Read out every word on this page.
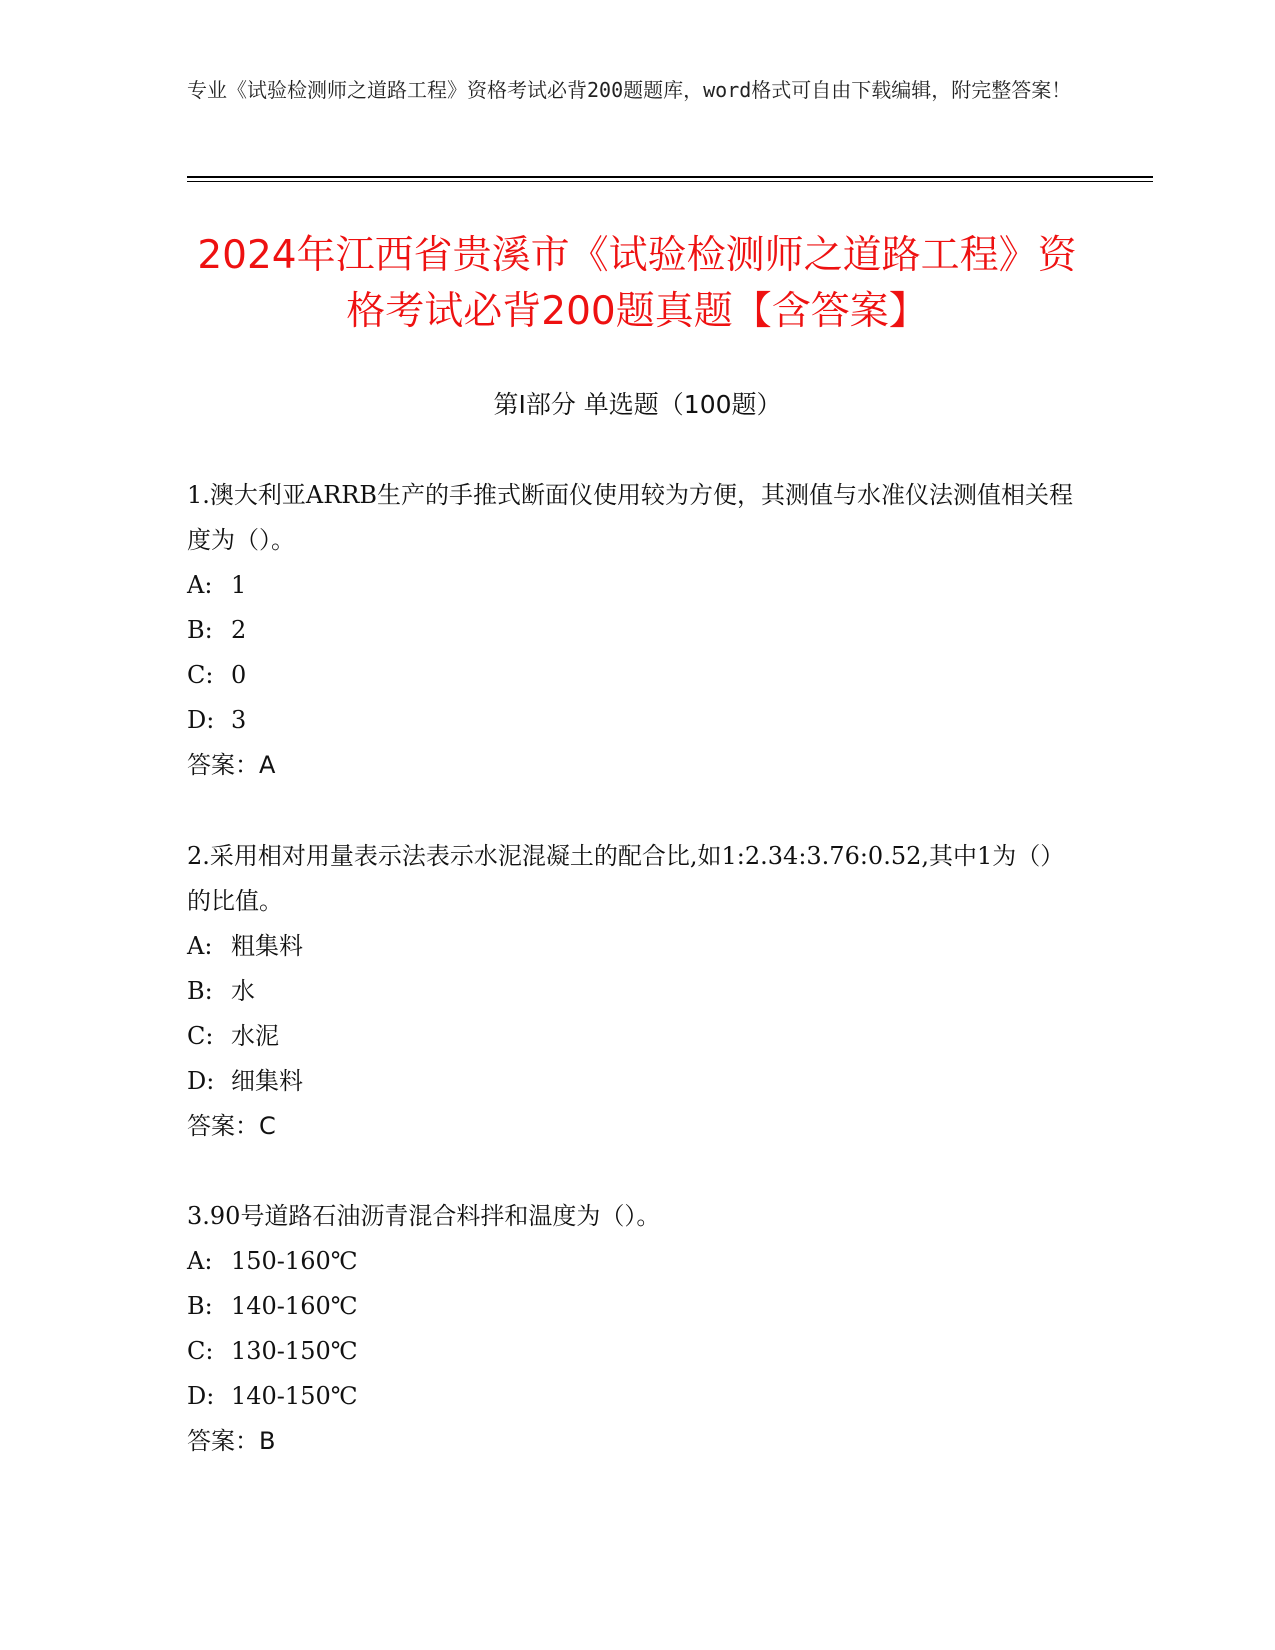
专业《试验检测师之道路工程》资格考试必背200题题库，word格式可自由下载编辑，附完整答案！
2024年江西省贵溪市《试验检测师之道路工程》资格考试必背200题真题【含答案】
第I部分 单选题（100题）

1.澳大利亚ARRB生产的手推式断面仪使用较为方便，其测值与水准仪法测值相关程度为（）。

A: 1
B: 2
C: 0
D: 3
答案：A

2.采用相对用量表示法表示水泥混凝土的配合比,如1:2.34:3.76:0.52,其中1为（）的比值。

A: 粗集料
B: 水
C: 水泥
D: 细集料
答案：C

3.90号道路石油沥青混合料拌和温度为（）。

A: 150-160℃
B: 140-160℃
C: 130-150℃
D: 140-150℃
答案：B
